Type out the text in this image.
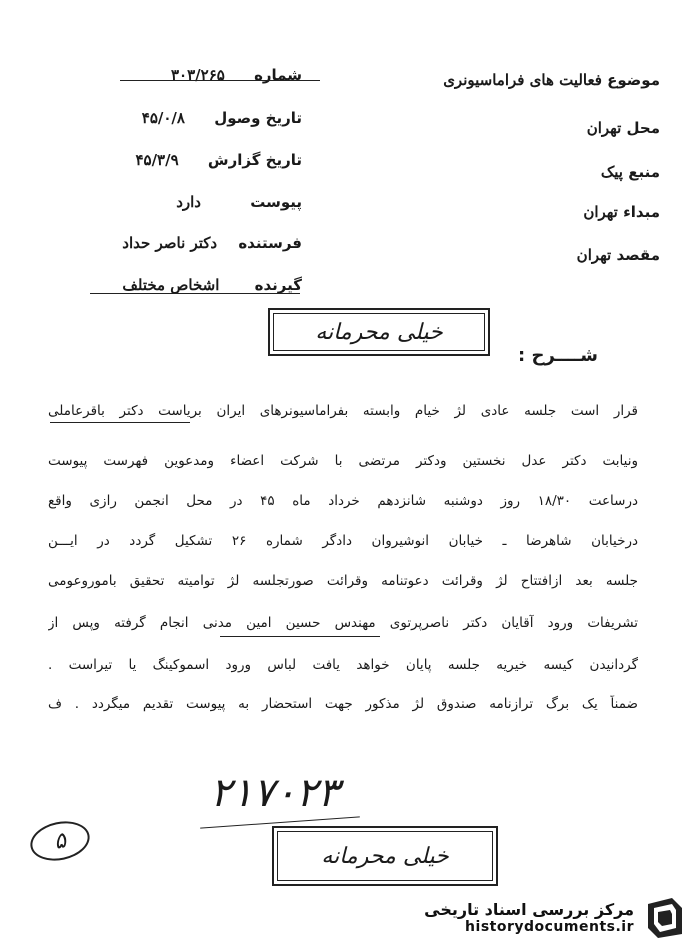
موضوع فعالیت های فراماسیونری
محل تهران
منبع پیک
مبداء تهران
مقصد تهران
شماره ۳۰۳/۲۶۵
تاریخ وصول ۴۵/۰/۸
تاریخ گزارش ۴۵/۳/۹
پیوست دارد
فرستنده دکتر ناصر حداد
گیرنده اشخاص مختلف
خیلی محرمانه
شــــرح :
قرار است جلسه عادی لژ خیام وابسته بفراماسیونرهای ایران بریاست دکتر باقرعاملی
ونیابت دکتر عدل نخستین ودکتر مرتضی با شرکت اعضاء ومدعوین فهرست پیوست
درساعت ۱۸/۳۰ روز دوشنبه شانزدهم خرداد ماه ۴۵ در محل انجمن رازی واقع
درخیابان شاهرضا ـ خیابان انوشیروان دادگر شماره ۲۶ تشکیل گردد در ایـــن
جلسه بعد ازافتتاح لژ وقرائت دعوتنامه وقرائت صورتجلسه لژ توامیته تحقیق باموروعومی
تشریفات ورود آقایان دکتر ناصرپرتوی مهندس حسین امین مدنی انجام گرفته وپس از
گردانیدن کیسه خیریه جلسه پایان خواهد یافت لباس ورود اسموکینگ یا تیراست .
ضمناً یک برگ ترازنامه صندوق لژ مذکور جهت استحضار به پیوست تقدیم میگردد . ف
۲۱۷۰۲۳
۵
خیلی محرمانه
مرکز بررسی اسناد تاریخی
historydocuments.ir
